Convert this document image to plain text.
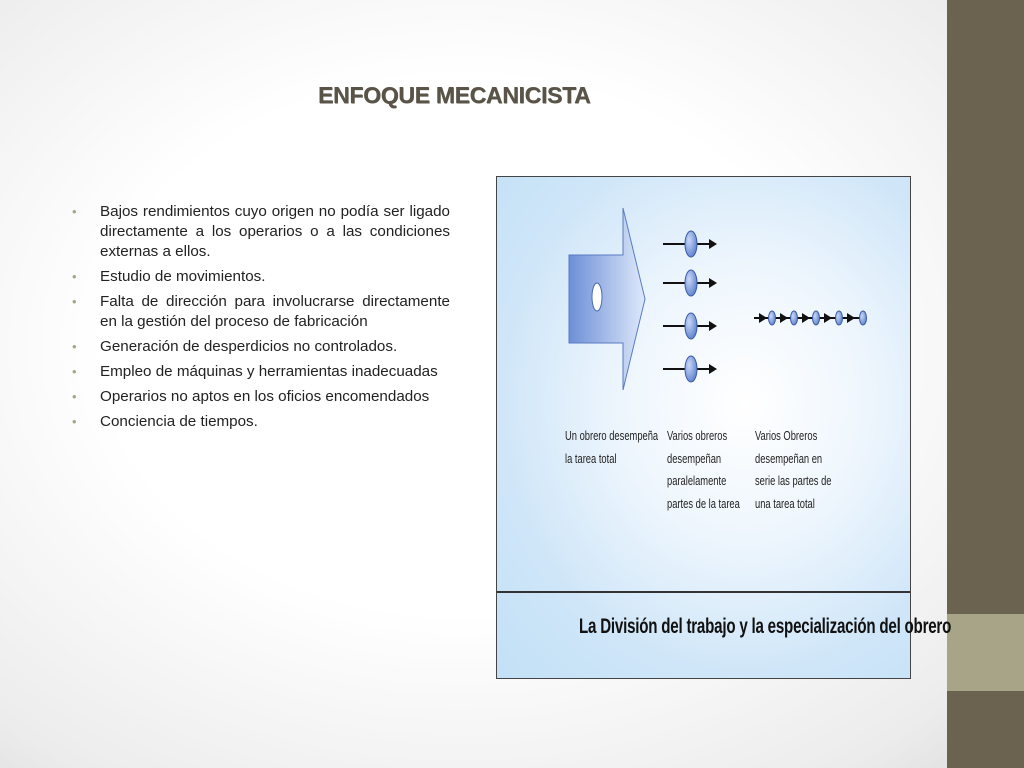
ENFOQUE MECANICISTA
• Bajos rendimientos cuyo origen no podía ser ligado directamente a los operarios o a las condiciones externas a ellos.
• Estudio de movimientos.
• Falta de dirección para involucrarse directamente en la gestión del proceso de fabricación
• Generación de desperdicios no controlados.
• Empleo de máquinas y herramientas inadecuadas
• Operarios no aptos en los oficios encomendados
• Conciencia de tiempos.
Un obrero desempeña
la tarea total
Varios obreros
desempeñan
paralelamente
partes de la tarea
Varios Obreros
desempeñan en
serie las partes de
una tarea total
La División del trabajo y la especialización del obrero
